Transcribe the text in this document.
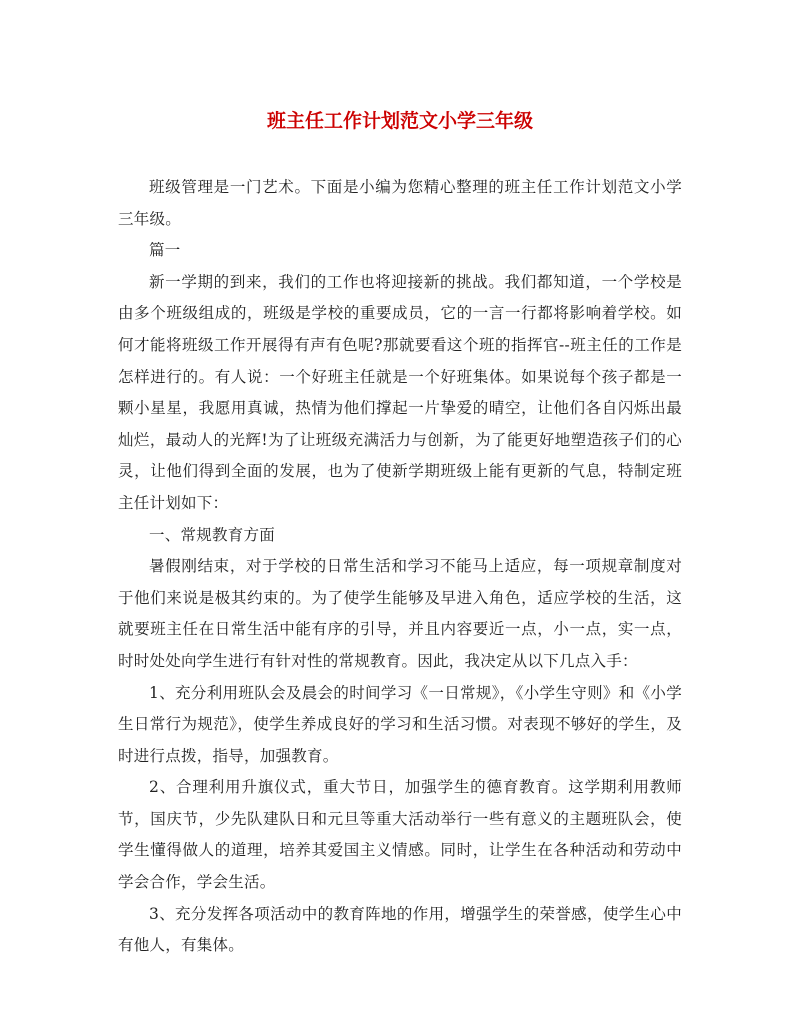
班主任工作计划范文小学三年级

班级管理是一门艺术。下面是小编为您精心整理的班主任工作计划范文小学三年级。

篇一

新一学期的到来，我们的工作也将迎接新的挑战。我们都知道，一个学校是由多个班级组成的，班级是学校的重要成员，它的一言一行都将影响着学校。如何才能将班级工作开展得有声有色呢?那就要看这个班的指挥官--班主任的工作是怎样进行的。有人说：一个好班主任就是一个好班集体。如果说每个孩子都是一颗小星星，我愿用真诚，热情为他们撑起一片挚爱的晴空，让他们各自闪烁出最灿烂，最动人的光辉!为了让班级充满活力与创新，为了能更好地塑造孩子们的心灵，让他们得到全面的发展，也为了使新学期班级上能有更新的气息，特制定班主任计划如下：

一、常规教育方面

暑假刚结束，对于学校的日常生活和学习不能马上适应，每一项规章制度对于他们来说是极其约束的。为了使学生能够及早进入角色，适应学校的生活，这就要班主任在日常生活中能有序的引导，并且内容要近一点，小一点，实一点，时时处处向学生进行有针对性的常规教育。因此，我决定从以下几点入手：

1、充分利用班队会及晨会的时间学习《一日常规》，《小学生守则》和《小学生日常行为规范》，使学生养成良好的学习和生活习惯。对表现不够好的学生，及时进行点拨，指导，加强教育。

2、合理利用升旗仪式，重大节日，加强学生的德育教育。这学期利用教师节，国庆节，少先队建队日和元旦等重大活动举行一些有意义的主题班队会，使学生懂得做人的道理，培养其爱国主义情感。同时，让学生在各种活动和劳动中学会合作，学会生活。

3、充分发挥各项活动中的教育阵地的作用，增强学生的荣誉感，使学生心中有他人，有集体。
